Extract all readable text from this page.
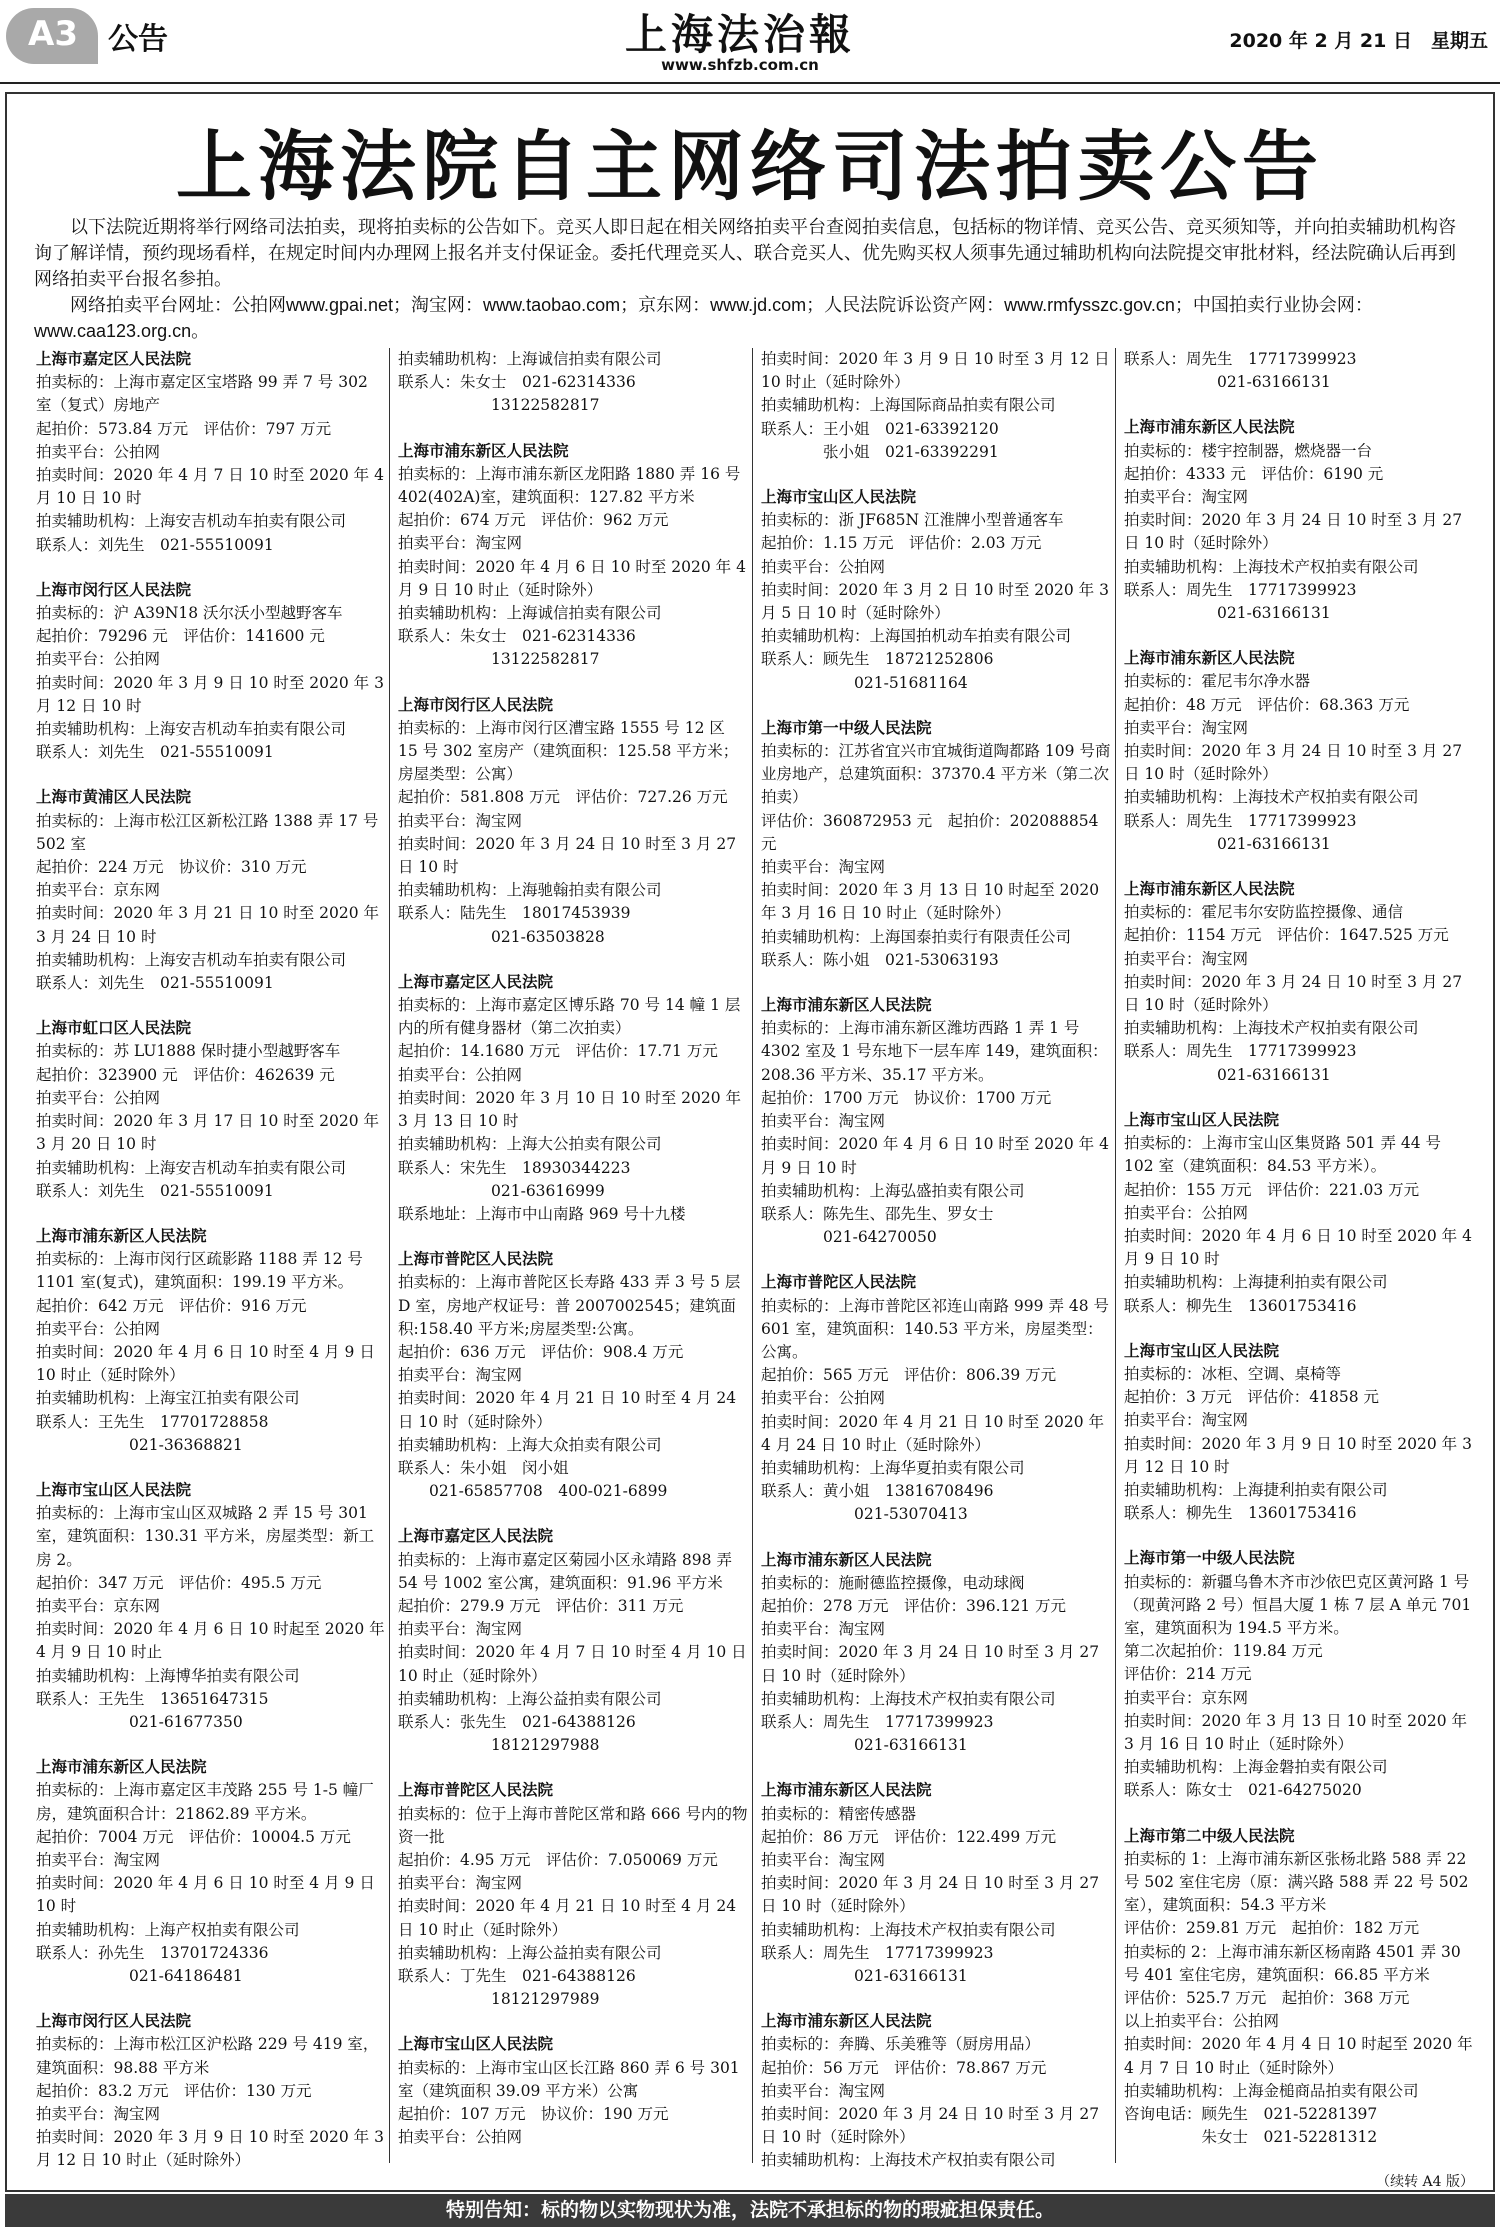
A3 公告	上海法治報
www.shfzb.com.cn
2020 年 2 月 21 日　星期五
上海法院自主网络司法拍卖公告

以下法院近期将举行网络司法拍卖，现将拍卖标的公告如下。竞买人即日起在相关网络拍卖平台查阅拍卖信息，包括标的物详情、竞买公告、竞买须知等，并向拍卖辅助机构咨询了解详情，预约现场看样，在规定时间内办理网上报名并支付保证金。委托代理竞买人、联合竞买人、优先购买权人须事先通过辅助机构向法院提交审批材料，经法院确认后再到网络拍卖平台报名参拍。

网络拍卖平台网址：公拍网www.gpai.net；淘宝网：www.taobao.com；京东网：www.jd.com；人民法院诉讼资产网：www.rmfysszc.gov.cn；中国拍卖行业协会网：www.caa123.org.cn。

上海市嘉定区人民法院
拍卖标的：上海市嘉定区宝塔路 99 弄 7 号 302 室（复式）房地产
起拍价：573.84 万元　评估价：797 万元
拍卖平台：公拍网
拍卖时间：2020 年 4 月 7 日 10 时至 2020 年 4 月 10 日 10 时
拍卖辅助机构：上海安吉机动车拍卖有限公司
联系人：刘先生　021-55510091
上海市闵行区人民法院
拍卖标的：沪 A39N18 沃尔沃小型越野客车
起拍价：79296 元　评估价：141600 元
拍卖平台：公拍网
拍卖时间：2020 年 3 月 9 日 10 时至 2020 年 3 月 12 日 10 时
拍卖辅助机构：上海安吉机动车拍卖有限公司
联系人：刘先生　021-55510091
上海市黄浦区人民法院
拍卖标的：上海市松江区新松江路 1388 弄 17 号 502 室
起拍价：224 万元　协议价：310 万元
拍卖平台：京东网
拍卖时间：2020 年 3 月 21 日 10 时至 2020 年 3 月 24 日 10 时
拍卖辅助机构：上海安吉机动车拍卖有限公司
联系人：刘先生　021-55510091
上海市虹口区人民法院
拍卖标的：苏 LU1888 保时捷小型越野客车
起拍价：323900 元　评估价：462639 元
拍卖平台：公拍网
拍卖时间：2020 年 3 月 17 日 10 时至 2020 年 3 月 20 日 10 时
拍卖辅助机构：上海安吉机动车拍卖有限公司
联系人：刘先生　021-55510091
上海市浦东新区人民法院
拍卖标的：上海市闵行区疏影路 1188 弄 12 号 1101 室(复式)，建筑面积：199.19 平方米。
起拍价：642 万元　评估价：916 万元
拍卖平台：公拍网
拍卖时间：2020 年 4 月 6 日 10 时至 4 月 9 日 10 时止（延时除外）
拍卖辅助机构：上海宝江拍卖有限公司
联系人：王先生　17701728858
　　　　　　021-36368821
上海市宝山区人民法院
拍卖标的：上海市宝山区双城路 2 弄 15 号 301 室，建筑面积：130.31 平方米，房屋类型：新工房 2。
起拍价：347 万元　评估价：495.5 万元
拍卖平台：京东网
拍卖时间：2020 年 4 月 6 日 10 时起至 2020 年 4 月 9 日 10 时止
拍卖辅助机构：上海博华拍卖有限公司
联系人：王先生　13651647315
　　　　　　021-61677350
上海市浦东新区人民法院
拍卖标的：上海市嘉定区丰茂路 255 号 1-5 幢厂房，建筑面积合计：21862.89 平方米。
起拍价：7004 万元　评估价：10004.5 万元
拍卖平台：淘宝网
拍卖时间：2020 年 4 月 6 日 10 时至 4 月 9 日 10 时
拍卖辅助机构：上海产权拍卖有限公司
联系人：孙先生　13701724336
　　　　　　021-64186481
上海市闵行区人民法院
拍卖标的：上海市松江区沪松路 229 号 419 室，建筑面积：98.88 平方米
起拍价：83.2 万元　评估价：130 万元
拍卖平台：淘宝网
拍卖时间：2020 年 3 月 9 日 10 时至 2020 年 3 月 12 日 10 时止（延时除外）
拍卖辅助机构：上海诚信拍卖有限公司
联系人：朱女士　021-62314336
　　　　　　13122582817
上海市浦东新区人民法院
拍卖标的：上海市浦东新区龙阳路 1880 弄 16 号 402(402A)室，建筑面积：127.82 平方米
起拍价：674 万元　评估价：962 万元
拍卖平台：淘宝网
拍卖时间：2020 年 4 月 6 日 10 时至 2020 年 4 月 9 日 10 时止（延时除外）
拍卖辅助机构：上海诚信拍卖有限公司
联系人：朱女士　021-62314336
　　　　　　13122582817
上海市闵行区人民法院
拍卖标的：上海市闵行区漕宝路 1555 号 12 区 15 号 302 室房产（建筑面积：125.58 平方米；房屋类型：公寓）
起拍价：581.808 万元　评估价：727.26 万元
拍卖平台：淘宝网
拍卖时间：2020 年 3 月 24 日 10 时至 3 月 27 日 10 时
拍卖辅助机构：上海驰翰拍卖有限公司
联系人：陆先生　18017453939
　　　　　　021-63503828
上海市嘉定区人民法院
拍卖标的：上海市嘉定区博乐路 70 号 14 幢 1 层内的所有健身器材（第二次拍卖）
起拍价：14.1680 万元　评估价：17.71 万元
拍卖平台：公拍网
拍卖时间：2020 年 3 月 10 日 10 时至 2020 年 3 月 13 日 10 时
拍卖辅助机构：上海大公拍卖有限公司
联系人：宋先生　18930344223
　　　　　　021-63616999
联系地址：上海市中山南路 969 号十九楼
上海市普陀区人民法院
拍卖标的：上海市普陀区长寿路 433 弄 3 号 5 层 D 室，房地产权证号：普 2007002545；建筑面积:158.40 平方米;房屋类型:公寓。
起拍价：636 万元　评估价：908.4 万元
拍卖平台：淘宝网
拍卖时间：2020 年 4 月 21 日 10 时至 4 月 24 日 10 时（延时除外）
拍卖辅助机构：上海大众拍卖有限公司
联系人：朱小姐　闵小姐
　　021-65857708　400-021-6899
上海市嘉定区人民法院
拍卖标的：上海市嘉定区菊园小区永靖路 898 弄 54 号 1002 室公寓，建筑面积：91.96 平方米
起拍价：279.9 万元　评估价：311 万元
拍卖平台：淘宝网
拍卖时间：2020 年 4 月 7 日 10 时至 4 月 10 日 10 时止（延时除外）
拍卖辅助机构：上海公益拍卖有限公司
联系人：张先生　021-64388126
　　　　　　18121297988
上海市普陀区人民法院
拍卖标的：位于上海市普陀区常和路 666 号内的物资一批
起拍价：4.95 万元　评估价：7.050069 万元
拍卖平台：淘宝网
拍卖时间：2020 年 4 月 21 日 10 时至 4 月 24 日 10 时止（延时除外）
拍卖辅助机构：上海公益拍卖有限公司
联系人：丁先生　021-64388126
　　　　　　18121297989
上海市宝山区人民法院
拍卖标的：上海市宝山区长江路 860 弄 6 号 301 室（建筑面积 39.09 平方米）公寓
起拍价：107 万元　协议价：190 万元
拍卖平台：公拍网
拍卖时间：2020 年 3 月 9 日 10 时至 3 月 12 日 10 时止（延时除外）
拍卖辅助机构：上海国际商品拍卖有限公司
联系人：王小姐　021-63392120
　　　　张小姐　021-63392291
上海市宝山区人民法院
拍卖标的：浙 JF685N 江淮牌小型普通客车
起拍价：1.15 万元　评估价：2.03 万元
拍卖平台：公拍网
拍卖时间：2020 年 3 月 2 日 10 时至 2020 年 3 月 5 日 10 时（延时除外）
拍卖辅助机构：上海国拍机动车拍卖有限公司
联系人：顾先生　18721252806
　　　　　　021-51681164
上海市第一中级人民法院
拍卖标的：江苏省宜兴市宜城街道陶都路 109 号商业房地产，总建筑面积：37370.4 平方米（第二次拍卖）
评估价：360872953 元　起拍价：202088854 元
拍卖平台：淘宝网
拍卖时间：2020 年 3 月 13 日 10 时起至 2020 年 3 月 16 日 10 时止（延时除外）
拍卖辅助机构：上海国泰拍卖行有限责任公司
联系人：陈小姐　021-53063193
上海市浦东新区人民法院
拍卖标的：上海市浦东新区潍坊西路 1 弄 1 号 4302 室及 1 号东地下一层车库 149，建筑面积：208.36 平方米、35.17 平方米。
起拍价：1700 万元　协议价：1700 万元
拍卖平台：淘宝网
拍卖时间：2020 年 4 月 6 日 10 时至 2020 年 4 月 9 日 10 时
拍卖辅助机构：上海弘盛拍卖有限公司
联系人：陈先生、邵先生、罗女士
　　　　021-64270050
上海市普陀区人民法院
拍卖标的：上海市普陀区祁连山南路 999 弄 48 号 601 室，建筑面积：140.53 平方米，房屋类型：公寓。
起拍价：565 万元　评估价：806.39 万元
拍卖平台：公拍网
拍卖时间：2020 年 4 月 21 日 10 时至 2020 年 4 月 24 日 10 时止（延时除外）
拍卖辅助机构：上海华夏拍卖有限公司
联系人：黄小姐　13816708496
　　　　　　021-53070413
上海市浦东新区人民法院
拍卖标的：施耐德监控摄像，电动球阀
起拍价：278 万元　评估价：396.121 万元
拍卖平台：淘宝网
拍卖时间：2020 年 3 月 24 日 10 时至 3 月 27 日 10 时（延时除外）
拍卖辅助机构：上海技术产权拍卖有限公司
联系人：周先生　17717399923
　　　　　　021-63166131
上海市浦东新区人民法院
拍卖标的：精密传感器
起拍价：86 万元　评估价：122.499 万元
拍卖平台：淘宝网
拍卖时间：2020 年 3 月 24 日 10 时至 3 月 27 日 10 时（延时除外）
拍卖辅助机构：上海技术产权拍卖有限公司
联系人：周先生　17717399923
　　　　　　021-63166131
上海市浦东新区人民法院
拍卖标的：奔腾、乐美雅等（厨房用品）
起拍价：56 万元　评估价：78.867 万元
拍卖平台：淘宝网
拍卖时间：2020 年 3 月 24 日 10 时至 3 月 27 日 10 时（延时除外）
拍卖辅助机构：上海技术产权拍卖有限公司
联系人：周先生　17717399923
　　　　　　021-63166131
上海市浦东新区人民法院
拍卖标的：楼宇控制器，燃烧器一台
起拍价：4333 元　评估价：6190 元
拍卖平台：淘宝网
拍卖时间：2020 年 3 月 24 日 10 时至 3 月 27 日 10 时（延时除外）
拍卖辅助机构：上海技术产权拍卖有限公司
联系人：周先生　17717399923
　　　　　　021-63166131
上海市浦东新区人民法院
拍卖标的：霍尼韦尔净水器
起拍价：48 万元　评估价：68.363 万元
拍卖平台：淘宝网
拍卖时间：2020 年 3 月 24 日 10 时至 3 月 27 日 10 时（延时除外）
拍卖辅助机构：上海技术产权拍卖有限公司
联系人：周先生　17717399923
　　　　　　021-63166131
上海市浦东新区人民法院
拍卖标的：霍尼韦尔安防监控摄像、通信
起拍价：1154 万元　评估价：1647.525 万元
拍卖平台：淘宝网
拍卖时间：2020 年 3 月 24 日 10 时至 3 月 27 日 10 时（延时除外）
拍卖辅助机构：上海技术产权拍卖有限公司
联系人：周先生　17717399923
　　　　　　021-63166131
上海市宝山区人民法院
拍卖标的：上海市宝山区集贤路 501 弄 44 号 102 室（建筑面积：84.53 平方米）。
起拍价：155 万元　评估价：221.03 万元
拍卖平台：公拍网
拍卖时间：2020 年 4 月 6 日 10 时至 2020 年 4 月 9 日 10 时
拍卖辅助机构：上海捷利拍卖有限公司
联系人：柳先生　13601753416
上海市宝山区人民法院
拍卖标的：冰柜、空调、桌椅等
起拍价：3 万元　评估价：41858 元
拍卖平台：淘宝网
拍卖时间：2020 年 3 月 9 日 10 时至 2020 年 3 月 12 日 10 时
拍卖辅助机构：上海捷利拍卖有限公司
联系人：柳先生　13601753416
上海市第一中级人民法院
拍卖标的：新疆乌鲁木齐市沙依巴克区黄河路 1 号（现黄河路 2 号）恒昌大厦 1 栋 7 层 A 单元 701 室，建筑面积为 194.5 平方米。
第二次起拍价：119.84 万元
评估价：214 万元
拍卖平台：京东网
拍卖时间：2020 年 3 月 13 日 10 时至 2020 年 3 月 16 日 10 时止（延时除外）
拍卖辅助机构：上海金磐拍卖有限公司
联系人：陈女士　021-64275020
上海市第二中级人民法院
拍卖标的 1：上海市浦东新区张杨北路 588 弄 22 号 502 室住宅房（原：满兴路 588 弄 22 号 502 室），建筑面积：54.3 平方米
评估价：259.81 万元　起拍价：182 万元
拍卖标的 2：上海市浦东新区杨南路 4501 弄 30 号 401 室住宅房，建筑面积：66.85 平方米
评估价：525.7 万元　起拍价：368 万元
以上拍卖平台：公拍网
拍卖时间：2020 年 4 月 4 日 10 时起至 2020 年 4 月 7 日 10 时止（延时除外）
拍卖辅助机构：上海金槌商品拍卖有限公司
咨询电话：顾先生　021-52281397
　　　　　朱女士　021-52281312
（续转 A4 版）
特别告知：标的物以实物现状为准，法院不承担标的物的瑕疵担保责任。
